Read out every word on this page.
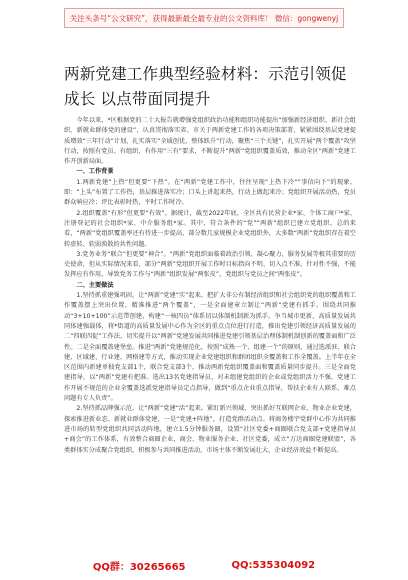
关注头条号“公文研究”，获得最新最全最专业的公文资料库！ 微信：gongwenyj
两新党建工作典型经验材料：示范引领促成长 以点带面同提升

今年以来，*区根据党的二十大报告就增强党组织政治功能和组织功能提出“加强新经济组织、新社会组织、新就业群体党的建设”，认真贯彻落实省、市关于两新党建工作的各项决策部署，紧紧围绕基层党建提质增效“三年行动”计划，扎实落实“全域创优、整体跃升”行动，聚焦“三个关键”，扎实开展“两个覆盖”攻坚行动，按照有党员、有组织、有作用“三有”要求，不断提升“两新”党组织覆盖质效，推动全区“两新”党建工作开创新局面。

一、工作背景

1.两新党建“上热”但更要“下热”。在“两新”党建工作中，往往呈现“上热下冷”“事信向下”的现象。即：“上头”布置了工作热，基层推进落实冷；口头上讲起来热，行动上做起来冷；党组织开展活动热，党员群众响应冷；评比表彰时热，平时工作时冷。

2.组织覆盖“有形”但更要“有效”。据统计，截至2022年底，全区共有民营企业*家、个体工商户*家、注册登记的社会组织*家、中介服务组*家。其中，符合条件的“党”“两新”组织已建立党组织，总的来看，“两新”党组织覆盖率还有待进一步提高，部分数几家规模企业党组织外，大多数“两新”党组织存在着空转虚转、软弱涣散的共性问题。

3.党务业务“联合”但更要“神合”。“两新”党组织面临着政治引领、凝心聚力、服务发展等极其重要的历史使命，但从实际情况来看，部分“两新”党组织开展工作时目标指向不明、切入点不准，针对性不强，不能发挥应有作用，导致党务工作与“两新”组织发展“两张皮”，党组织与党员之间“两张皮”。

二、主要做法

1.坚持抓重建强巩固，让“两新”党建“实”起来。把扩大非公有制经济组织和社会组织党的组织覆盖和工作覆盖摆上突出位置，精准推进“两个覆盖”，一是全面建章立制让“两新”党建有抓手。围绕共同推动“3+10+100”示范带创建，构建“一核四员”体系切以体制机制新为抓手，争当城市更新、高质量发展共同体建强载体，将*街道的高质量发展中心作为全区的重点点位进行打造，推出党建引领经济高质量发展的二“四联四促”工作法，切实提升以“两新”党建发展共同推进党建引领基层治理体制机制创新的覆盖面和广泛性。二是全面覆盖建堡垒。推进“两新”党建规范化，按照“成熟一个、组建一个”的原则，通过选派驻、联合建、区域建、行业建、网格建等方式，推动实现企业党建组织和群团组织全覆盖和工作全覆盖。上半年在全区范围内新建单独党支部1个，联合党支部3个，推动两新党组织覆盖面和覆盖质量同步提升。三是全面党建指导，以“两新”党建有把准。选出13名党建指导员，对未组建党组织的企业或党组织活力不强、党建工作开展不规范的企业全覆盖选派党建指导员定点指导，做到“重点企业重点指导，帮扶企业有人联系，难点问题有专人负责”。

2.坚持抓品牌强示范，让“两新”党建“活”起来。紧盯新兴领域，突出抓好互联网企业、物业企业党建，探索推进新业态、新就业群体党建，一是“党建+阵地”，打造党群活动点。将商务楼宇党群中心作为共同推进市场的转型党组织共同活动阵地，建立1.5分钟服务圈，设置“社区党委+商圈联合党支部+党建指导员+商会”的工作体系，有效整合商圈企业、商会、物业服务企业、社区党委，成立“万达商圈党建联盟”，各类群体实分成聚合党组织，积极参与共同推进活动，市场主体不断发展壮大，企业经济效益不断提高。

QQ群：30265665	QQ:535304092
